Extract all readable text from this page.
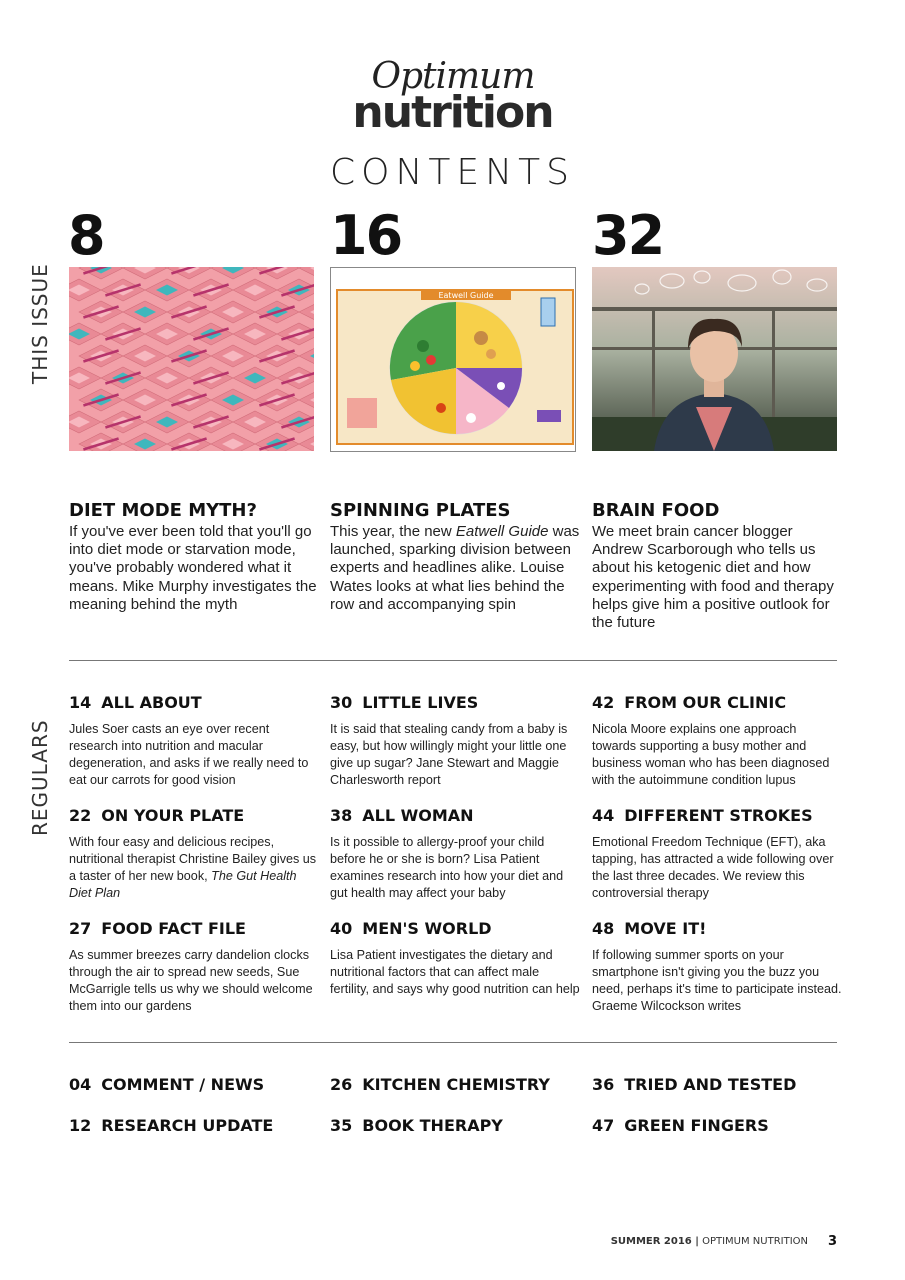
Optimum
nutrition
CONTENTS
THIS ISSUE
REGULARS
8
DIET MODE MYTH?
If you've ever been told that you'll go into diet mode or starvation mode, you've probably wondered what it means. Mike Murphy investigates the meaning behind the myth
16
Eatwell Guide
SPINNING PLATES
This year, the new Eatwell Guide was launched, sparking division between experts and headlines alike. Louise Wates looks at what lies behind the row and accompanying spin
32
BRAIN FOOD
We meet brain cancer blogger Andrew Scarborough who tells us about his ketogenic diet and how experimenting with food and therapy helps give him a positive outlook for the future
14 ALL ABOUT
Jules Soer casts an eye over recent research into nutrition and macular degeneration, and asks if we really need to eat our carrots for good vision
30 LITTLE LIVES
It is said that stealing candy from a baby is easy, but how willingly might your little one give up sugar? Jane Stewart and Maggie Charlesworth report
42 FROM OUR CLINIC
Nicola Moore explains one approach towards supporting a busy mother and business woman who has been diagnosed with the autoimmune condition lupus
22 ON YOUR PLATE
With four easy and delicious recipes, nutritional therapist Christine Bailey gives us a taster of her new book, The Gut Health Diet Plan
38 ALL WOMAN
Is it possible to allergy-proof your child before he or she is born? Lisa Patient examines research into how your diet and gut health may affect your baby
44 DIFFERENT STROKES
Emotional Freedom Technique (EFT), aka tapping, has attracted a wide following over the last three decades. We review this controversial therapy
27 FOOD FACT FILE
As summer breezes carry dandelion clocks through the air to spread new seeds, Sue McGarrigle tells us why we should welcome them into our gardens
40 MEN'S WORLD
Lisa Patient investigates the dietary and nutritional factors that can affect male fertility, and says why good nutrition can help
48 MOVE IT!
If following summer sports on your smartphone isn't giving you the buzz you need, perhaps it's time to participate instead. Graeme Wilcockson writes
04 COMMENT / NEWS	26 KITCHEN CHEMISTRY	36 TRIED AND TESTED
12 RESEARCH UPDATE	35 BOOK THERAPY	47 GREEN FINGERS
SUMMER 2016 | OPTIMUM NUTRITION 3
